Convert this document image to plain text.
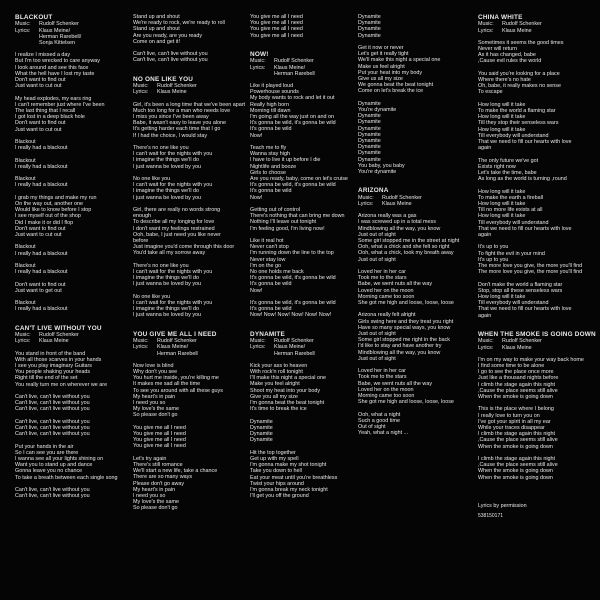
BLACKOUT
Music:	Rudolf Schenker
Lyrics:	Klaus Meine/
Herman Rarebell/
Sonja Kittelsen
I realize I missed a day
But I'm too wrecked to care anyway
I look around and see this face
What the hell have I lost my taste
Don't want to find out
Just want to cut out
My head explodes, my ears ring
I can't remember just where I've been
The last thing that I recall
I got lost in a deep black hole
Don't want to find out
Just want to cut out
Blackout
I really had a blackout
Blackout
I really had a blackout
Blackout
I really had a blackout
I grab my things and make my run
On the way out, another one
Would like to know before I stop
I see myself out of the shop
Did I make it or did I flop
Don't want to find out
Just want to cut out
Blackout
I really had a blackout
Blackout
I really had a blackout
Don't want to find out
Just want to get out
Blackout
I really had a blackout
CAN'T LIVE WITHOUT YOU
Music:	Rudolf Schenker
Lyrics:	Klaus Meine
You stand in front of the band
With all those scarves in your hands
I see you play imaginary Guitars
You people shaking your heads
Right till the end of the set
You really turn me on wherever we are
Can't live, can't live without you
Can't live, can't live without you
Can't live, can't live without you
Can't live, can't live without you
Can't live, can't live without you
Can't live, can't live without you
Put your hands in the air
So I can see you are there
I wanna see all your lights shining on
Want you to stand up and dance
Gonna leave you no chance
To take a breath between each single song
Can't live, can't live without you
Can't live, can't live without you
Stand up and shout
We're ready to rock, we're ready to roll
Stand up and shout
Are you ready, are you ready
Come on and get it!
Can't live, can't live without you
Can't live, can't live without you
NO ONE LIKE YOU
Music:	Rudolf Schenker
Lyrics:	Klaus Meine
Girl, it's been a long time that we've been apart
Much too long for a man who needs love
I miss you since I've been away
Babe, it wasn't easy to leave you alone
It's getting harder each time that I go
If I had the choice, I would stay
There's no one like you
I can't wait for the nights with you
I imagine the things we'll do
I just wanna be loved by you
No one like you
I can't wait for the nights with you
I imagine the things we'll do
I just wanna be loved by you
Girl, there are really no words strong
enough
To describe all my longing for love
I don't want my feelings restrained
Ooh, babe, I just need you like never
before
Just imagine you'd come through this door
You'd take all my sorrow away
There's no one like you
I can't wait for the nights with you
I imagine the things we'll do
I just wanna be loved by you
No one like you
I can't wait for the nights with you
I imagine the things we'll do
I just wanna be loved by you
YOU GIVE ME ALL I NEED
Music:	Rudolf Schenker
Lyrics:	Klaus Meine/
Herman Rarebell
Now love is blind
Why don't you see
You hurt me inside, you're killing me
It makes me sad all the time
To see you around with all these guys
My heart's in pain
I need you so
My love's the same
So please don't go
You give me all I need
You give me all I need
You give me all I need
You give me all I need
Let's try again
There's still romance
We'll start a new life, take a chance
There are so many ways
Please don't go away
My heart's in pain
I need you so
My love's the same
So please don't go
You give me all I need
You give me all I need
You give me all I need
You give me all I need
NOW!
Music:	Rudolf Schenker
Lyrics:	Klaus Meine/
Herman Rarebell
Like it played loud
Powerhouse sounds
My body wants to rock and let it out
Really high born
Morning till dawn
I'm going all the way just on and on
It's gonna be wild, it's gonna be wild
It's gonna be wild
Now!
Teach me to fly
Wanna stay high
I have to live it up before I die
Nightlife and booze
Girls to choose
Are you ready, baby, come on let's cruise
It's gonna be wild, it's gonna be wild
It's gonna be wild
Now!
Getting out of control
There's nothing that can bring me down
Nothing I'll leave out tonight
I'm feeling good, I'm living now!
Like it real hot
Never can't stop
I'm running down the line to the top
Never stay low
I'm on the go
No one holds me back
It's gonna be wild, it's gonna be wild
It's gonna be wild
Now!
It's gonna be wild, it's gonna be wild
It's gonna be wild
Now! Now! Now! Now! Now! Now!
DYNAMITE
Music:	Rudolf Schenker
Lyrics:	Klaus Meine/
Herman Rarebell
Kick your ass to heaven
With rock'n roll tonight
I'll make this night a special one
Make you feel alright
Shoot my heat into your body
Give you all my size
I'm gonna beat the beat tonight
It's time to break the ice
Dynamite
Dynamite
Dynamite
Dynamite
Hit the top together
Get up with my spell
I'm gonna make my shot tonight
Take you down to hell
Eat your meat until you're breathless
Twist your hips around
I'm gonna break my neck tonight
I'll get you off the ground
Dynamite
Dynamite
Dynamite
Dynamite
Get it now or never
Let's get it really tight
We'll make this night a special one
Make us feel alright
Put your heat into my body
Give us all my size
We gonna beat the beat tonight
Come on let's break the ice
Dynamite
You're dynamite
Dynamite
Dynamite
Dynamite
Dynamite
Dynamite
Dynamite
Dynamite
Dynamite
You baby, you baby
You're dynamite
ARIZONA
Music:	Rudolf Schenker
Lyrics:	Klaus Meine
Arizona really was a gas
I was screwed up in a total mess
Mindblowing all the way, you know
Just out of sight
Some girl stopped me in the street at night
Ooh, what a chick and she felt so right
Ooh, what a chick, took my breath away
Just out of sight
Loved her in her car
Took me to the stars
Babe, we went nuts all the way
Loved her on the moon
Morning came too soon
She got me high and loose, loose, loose
Arizona really felt alright
Girls swing here and they treat you right
Have so many special ways, you know
Just out of sight
Some girl stopped me right in the back
I'd like to stay and have another try
Mindblowing all the way, you know
Just out of sight
Loved her in her car
Took me to the stars
Babe, we went nuts all the way
Loved her on the moon
Morning came too soon
She got me high and loose, loose, loose
Ooh, what a night
Such a good time
Out of sight
Yeah, what a night ...
CHINA WHITE
Music:	Rudolf Schenker
Lyrics:	Klaus Meine
Sometimes it seems the good times
Never will return
As it has changed, babe
,Cause evil rules the world
You said you're looking for a place
Where there's no hate
Oh, babe, it really makes no sense
To escape
How long will it take
To make the world a flaming star
How long will it take
Till they stop their senseless wars
How long will it take
Till everybody will understand
That we need to fill our hearts with love
again
The only future we've got
Exists right now
Let's take the time, babe
As long as the world is turning ,round
How long will it take
To make the earth a fireball
How long will it take
Till no more life exists at all
How long will it take
Till everybody will understand
That we need to fill our hearts with love
again
It's up to you
To fight the evil in your mind
It's up to you
The more love you give, the more you'll find
The more love you give, the more you'll find
Don't make the world a flaming star
Stop, stop all these senseless wars
How long will it take
Till everybody will understand
That we need to fill our hearts with love
again
WHEN THE SMOKE IS GOING DOWN
Music:	Rudolf Schenker
Lyrics:	Klaus Meine
I'm on my way to make your way back home
I find some time to be alone
I go to see the place once more
Just like a thousand nights before
I climb the stage again this night
,Cause the place seems still alive
When the smoke is going down
This is the place where I belong
I really love to turn you on
I've got your spirit in all my ear
While your traces disappear
I climb the stage again this night
,Cause the place seems still alive
When the smoke is going down
I climb the stage again this night
,Cause the place seems still alive
When the smoke is going down
When the smoke is going down
Lyrics by permission
538150171
